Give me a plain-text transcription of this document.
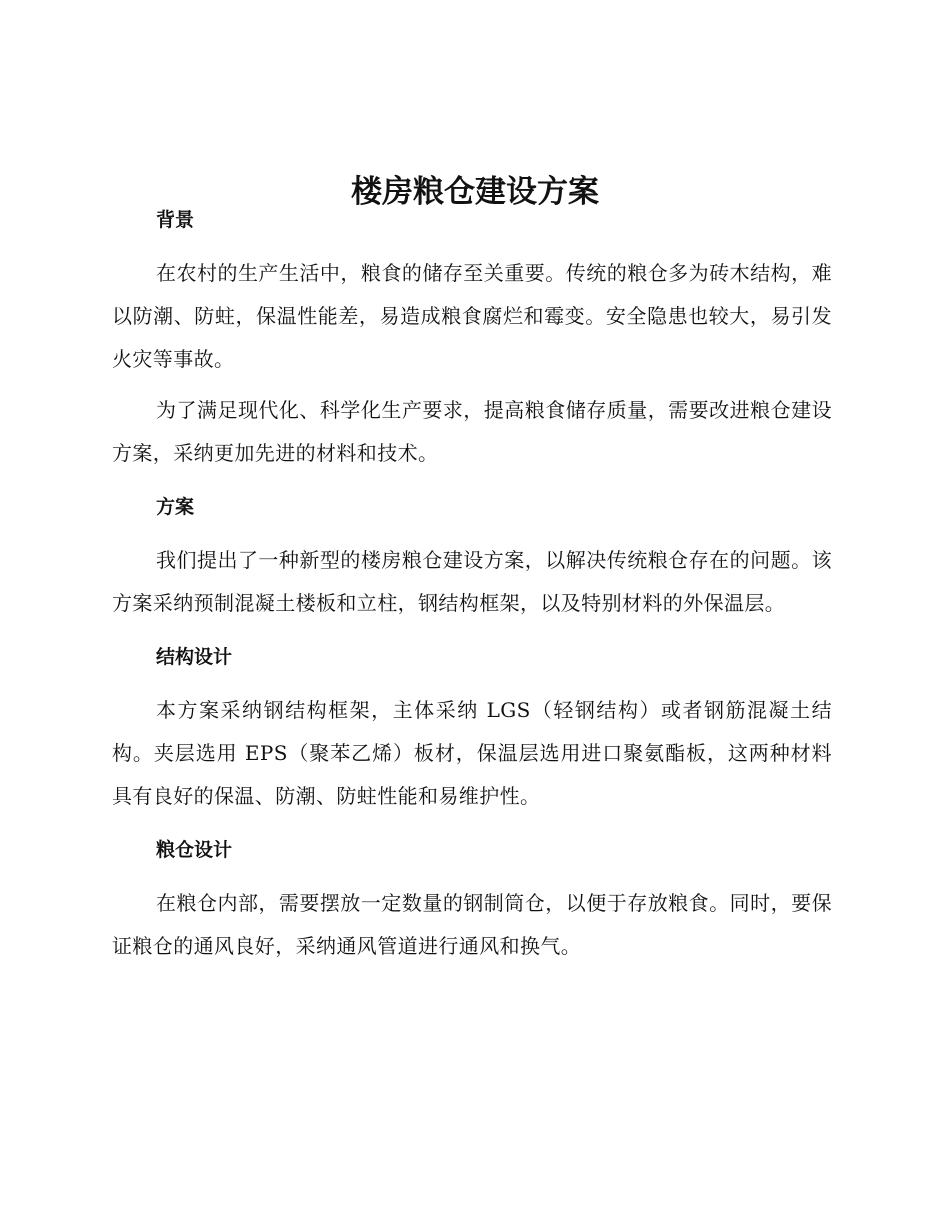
楼房粮仓建设方案
背景

在农村的生产生活中，粮食的储存至关重要。传统的粮仓多为砖木结构，难以防潮、防蛀，保温性能差，易造成粮食腐烂和霉变。安全隐患也较大，易引发火灾等事故。

为了满足现代化、科学化生产要求，提高粮食储存质量，需要改进粮仓建设方案，采纳更加先进的材料和技术。

方案

我们提出了一种新型的楼房粮仓建设方案，以解决传统粮仓存在的问题。该方案采纳预制混凝土楼板和立柱，钢结构框架，以及特别材料的外保温层。

结构设计

本方案采纳钢结构框架，主体采纳 LGS（轻钢结构）或者钢筋混凝土结构。夹层选用 EPS（聚苯乙烯）板材，保温层选用进口聚氨酯板，这两种材料具有良好的保温、防潮、防蛀性能和易维护性。

粮仓设计

在粮仓内部，需要摆放一定数量的钢制筒仓，以便于存放粮食。同时，要保证粮仓的通风良好，采纳通风管道进行通风和换气。
